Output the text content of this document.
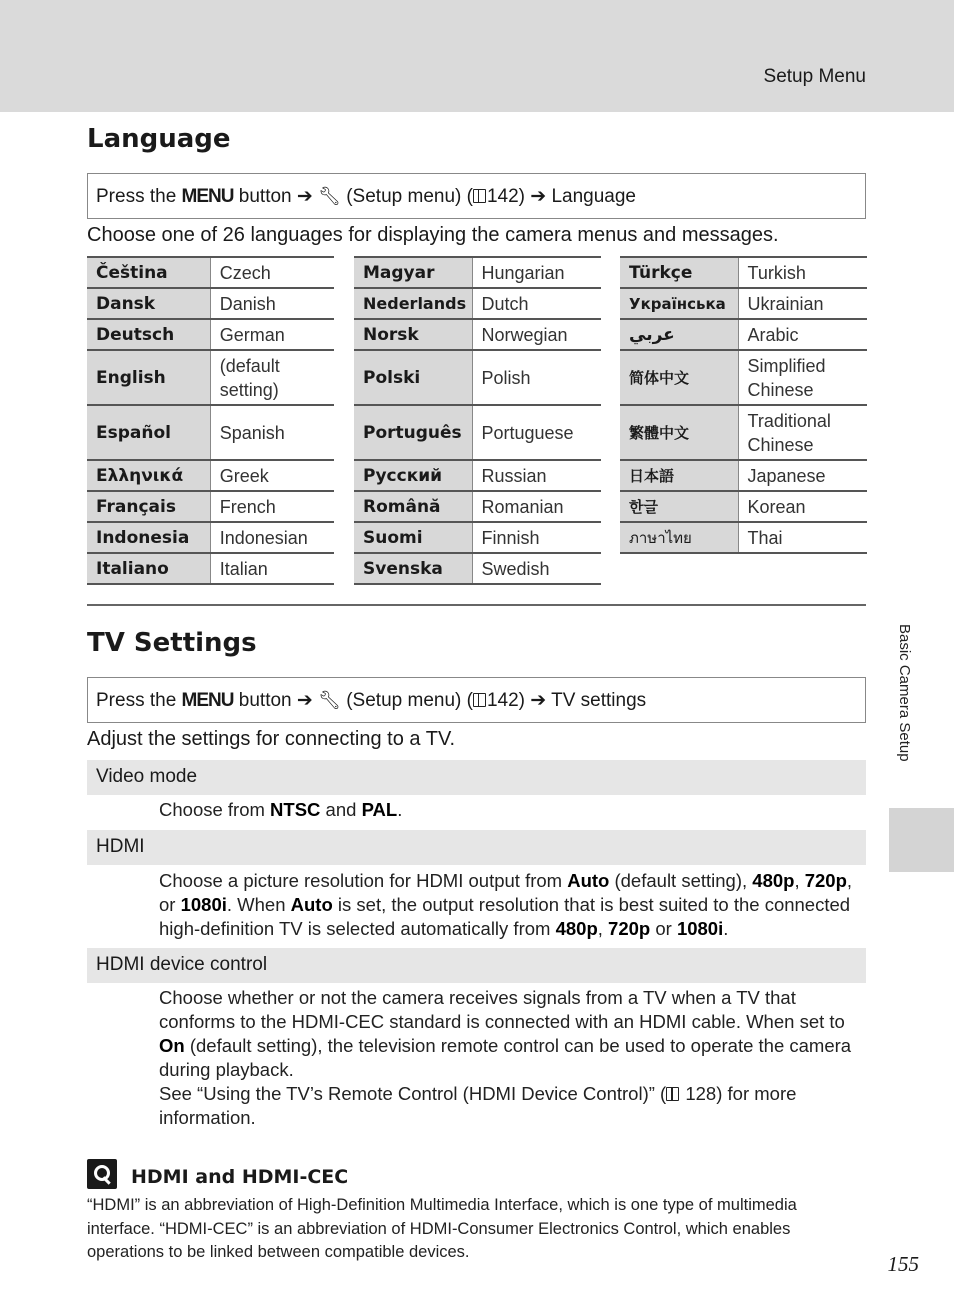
Setup Menu
Language
Press the MENU button ➔ 🔧︎ (Setup menu) ( 142) ➔ Language
Choose one of 26 languages for displaying the camera menus and messages.
Čeština	Czech
Dansk	Danish
Deutsch	German
English	(default setting)
Español	Spanish
Ελληνικά	Greek
Français	French
Indonesia	Indonesian
Italiano	Italian
Magyar	Hungarian
Nederlands	Dutch
Norsk	Norwegian
Polski	Polish
Português	Portuguese
Русский	Russian
Română	Romanian
Suomi	Finnish
Svenska	Swedish
Türkçe	Turkish
Українська	Ukrainian
عربي	Arabic
简体中文	Simplified Chinese
繁體中文	Traditional Chinese
日本語	Japanese
한글	Korean
ภาษาไทย	Thai
TV Settings
Press the MENU button ➔ 🔧︎ (Setup menu) ( 142) ➔ TV settings
Adjust the settings for connecting to a TV.
Video mode
Choose from NTSC and PAL.
HDMI
Choose a picture resolution for HDMI output from Auto (default setting), 480p, 720p, or 1080i. When Auto is set, the output resolution that is best suited to the connected high-definition TV is selected automatically from 480p, 720p or 1080i.
HDMI device control
Choose whether or not the camera receives signals from a TV when a TV that conforms to the HDMI-CEC standard is connected with an HDMI cable. When set to On (default setting), the television remote control can be used to operate the camera during playback.
See “Using the TV’s Remote Control (HDMI Device Control)” ( 128) for more information.
HDMI and HDMI-CEC
“HDMI” is an abbreviation of High-Definition Multimedia Interface, which is one type of multimedia interface. “HDMI-CEC” is an abbreviation of HDMI-Consumer Electronics Control, which enables operations to be linked between compatible devices.
Basic Camera Setup
155
